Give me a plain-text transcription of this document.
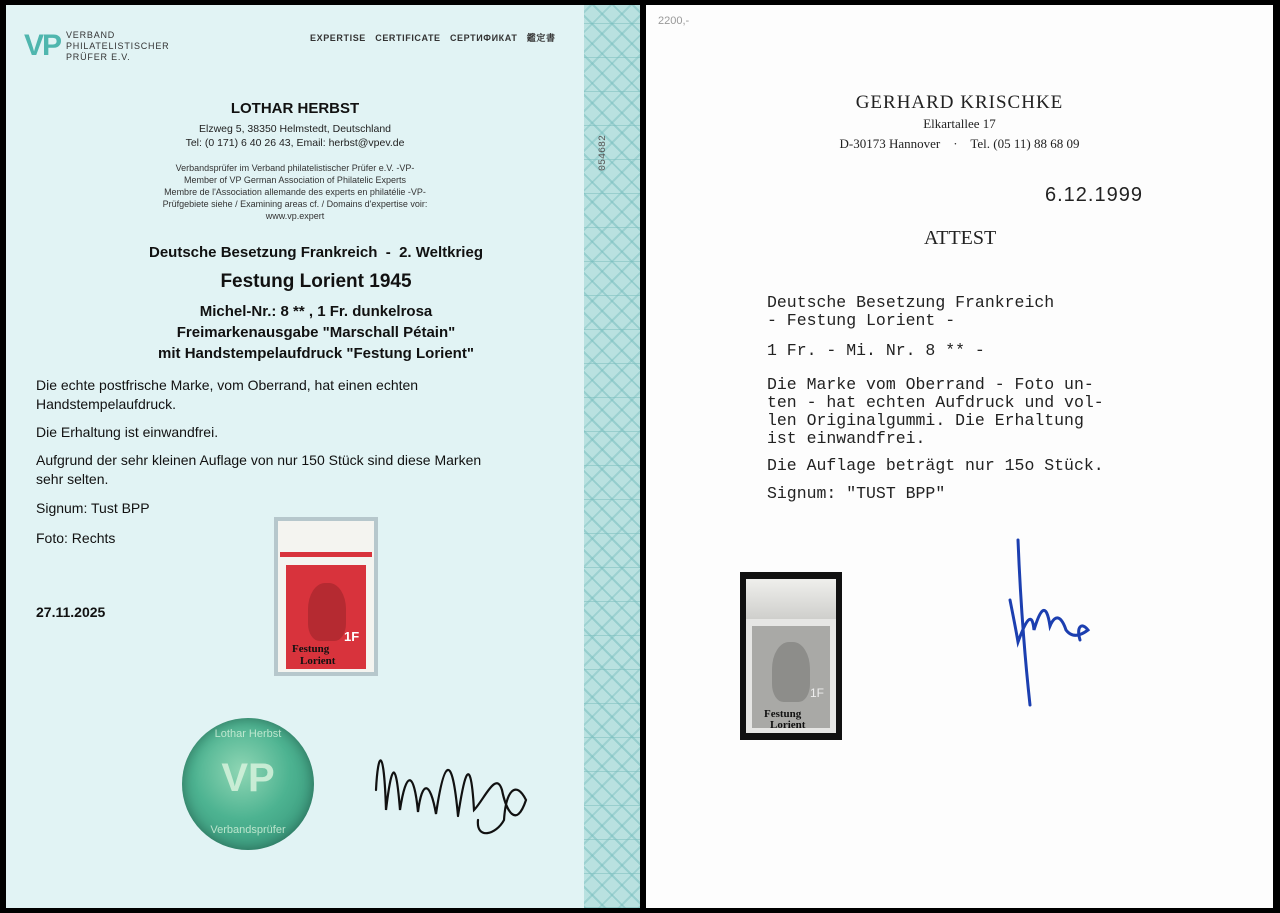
VP VERBAND
PHILATELISTISCHER
PRÜFER E.V.
EXPERTISE   CERTIFICATE   СЕРТИФИКАТ   鑑定書
LOTHAR HERBST
Elzweg 5, 38350 Helmstedt, Deutschland
Tel: (0 171) 6 40 26 43, Email: herbst@vpev.de
Verbandsprüfer im Verband philatelistischer Prüfer e.V. -VP-
Member of VP German Association of Philatelic Experts
Membre de l'Association allemande des experts en philatélie -VP-
Prüfgebiete siehe / Examining areas cf. / Domains d'expertise voir:
www.vp.expert
Deutsche Besetzung Frankreich  -  2. Weltkrieg
Festung Lorient 1945
Michel-Nr.: 8 ** , 1 Fr. dunkelrosa
Freimarkenausgabe "Marschall Pétain"
mit Handstempelaufdruck "Festung Lorient"
Die echte postfrische Marke, vom Oberrand, hat einen echten
Handstempelaufdruck.
Die Erhaltung ist einwandfrei.
Aufgrund der sehr kleinen Auflage von nur 150 Stück sind diese Marken
sehr selten.
Signum: Tust BPP
Foto: Rechts
27.11.2025
1F
Festung
Lorient
Lothar Herbst
VP
Verbandsprüfer
054682
2200,-
GERHARD KRISCHKE
Elkartallee 17
D-30173 Hannover    ·    Tel. (05 11) 88 68 09
6.12.1999
ATTEST
Deutsche Besetzung Frankreich
- Festung Lorient -
1 Fr. - Mi. Nr. 8 ** -
Die Marke vom Oberrand - Foto un-
ten - hat echten Aufdruck und vol-
len Originalgummi. Die Erhaltung
ist einwandfrei.
Die Auflage beträgt nur 15o Stück.
Signum: "TUST BPP"
1F
Festung
Lorient
